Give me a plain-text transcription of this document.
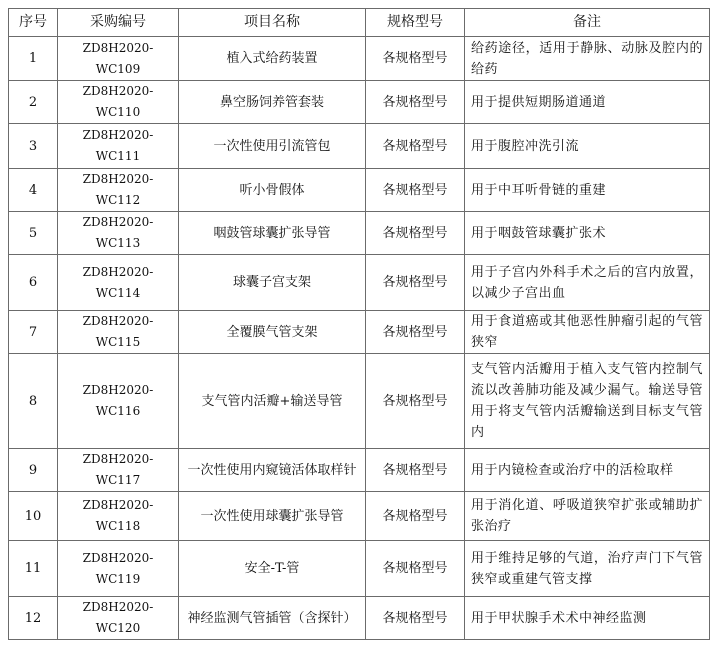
序号	采购编号	项目名称	规格型号	备注
1	ZD8H2020-WC109	植入式给药装置	各规格型号	给药途径，适用于静脉、动脉及腔内的给药
2	ZD8H2020-WC110	鼻空肠饲养管套装	各规格型号	用于提供短期肠道通道
3	ZD8H2020-WC111	一次性使用引流管包	各规格型号	用于腹腔冲洗引流
4	ZD8H2020-WC112	听小骨假体	各规格型号	用于中耳听骨链的重建
5	ZD8H2020-WC113	咽鼓管球囊扩张导管	各规格型号	用于咽鼓管球囊扩张术
6	ZD8H2020-WC114	球囊子宫支架	各规格型号	用于子宫内外科手术之后的宫内放置，以减少子宫出血
7	ZD8H2020-WC115	全覆膜气管支架	各规格型号	用于食道癌或其他恶性肿瘤引起的气管狭窄
8	ZD8H2020-WC116	支气管内活瓣+输送导管	各规格型号	支气管内活瓣用于植入支气管内控制气流以改善肺功能及减少漏气。输送导管用于将支气管内活瓣输送到目标支气管内
9	ZD8H2020-WC117	一次性使用内窥镜活体取样针	各规格型号	用于内镜检查或治疗中的活检取样
10	ZD8H2020-WC118	一次性使用球囊扩张导管	各规格型号	用于消化道、呼吸道狭窄扩张或辅助扩张治疗
11	ZD8H2020-WC119	安全-T-管	各规格型号	用于维持足够的气道，治疗声门下气管狭窄或重建气管支撑
12	ZD8H2020-WC120	神经监测气管插管（含探针）	各规格型号	用于甲状腺手术术中神经监测
